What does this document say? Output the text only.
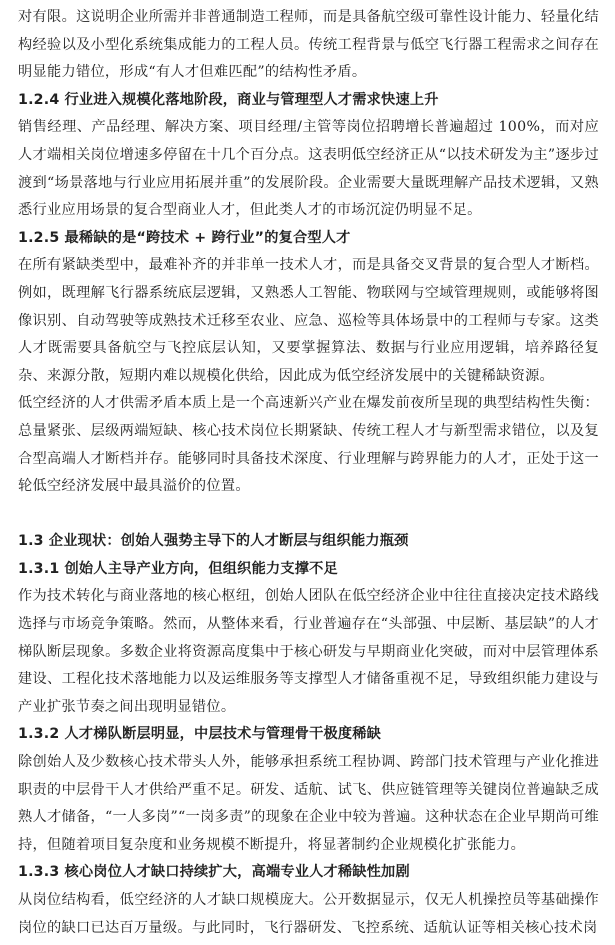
对有限。这说明企业所需并非普通制造工程师，而是具备航空级可靠性设计能力、轻量化结构经验以及小型化系统集成能力的工程人员。传统工程背景与低空飞行器工程需求之间存在明显能力错位，形成“有人才但难匹配”的结构性矛盾。

1.2.4 行业进入规模化落地阶段，商业与管理型人才需求快速上升

销售经理、产品经理、解决方案、项目经理/主管等岗位招聘增长普遍超过 100%，而对应人才端相关岗位增速多停留在十几个百分点。这表明低空经济正从“以技术研发为主”逐步过渡到“场景落地与行业应用拓展并重”的发展阶段。企业需要大量既理解产品技术逻辑，又熟悉行业应用场景的复合型商业人才，但此类人才的市场沉淀仍明显不足。

1.2.5 最稀缺的是“跨技术 + 跨行业”的复合型人才

在所有紧缺类型中，最难补齐的并非单一技术人才，而是具备交叉背景的复合型人才断档。例如，既理解飞行器系统底层逻辑，又熟悉人工智能、物联网与空域管理规则，或能够将图像识别、自动驾驶等成熟技术迁移至农业、应急、巡检等具体场景中的工程师与专家。这类人才既需要具备航空与飞控底层认知，又要掌握算法、数据与行业应用逻辑，培养路径复杂、来源分散，短期内难以规模化供给，因此成为低空经济发展中的关键稀缺资源。

低空经济的人才供需矛盾本质上是一个高速新兴产业在爆发前夜所呈现的典型结构性失衡：总量紧张、层级两端短缺、核心技术岗位长期紧缺、传统工程人才与新型需求错位，以及复合型高端人才断档并存。能够同时具备技术深度、行业理解与跨界能力的人才，正处于这一轮低空经济发展中最具溢价的位置。

1.3 企业现状：创始人强势主导下的人才断层与组织能力瓶颈

1.3.1 创始人主导产业方向，但组织能力支撑不足

作为技术转化与商业落地的核心枢纽，创始人团队在低空经济企业中往往直接决定技术路线选择与市场竞争策略。然而，从整体来看，行业普遍存在“头部强、中层断、基层缺”的人才梯队断层现象。多数企业将资源高度集中于核心研发与早期商业化突破，而对中层管理体系建设、工程化技术落地能力以及运维服务等支撑型人才储备重视不足，导致组织能力建设与产业扩张节奏之间出现明显错位。

1.3.2 人才梯队断层明显，中层技术与管理骨干极度稀缺

除创始人及少数核心技术带头人外，能够承担系统工程协调、跨部门技术管理与产业化推进职责的中层骨干人才供给严重不足。研发、适航、试飞、供应链管理等关键岗位普遍缺乏成熟人才储备，“一人多岗”“一岗多责”的现象在企业中较为普遍。这种状态在企业早期尚可维持，但随着项目复杂度和业务规模不断提升，将显著制约企业规模化扩张能力。

1.3.3 核心岗位人才缺口持续扩大，高端专业人才稀缺性加剧

从岗位结构看，低空经济的人才缺口规模庞大。公开数据显示，仅无人机操控员等基础操作岗位的缺口已达百万量级。与此同时，飞行器研发、飞控系统、适航认证等相关核心技术岗
